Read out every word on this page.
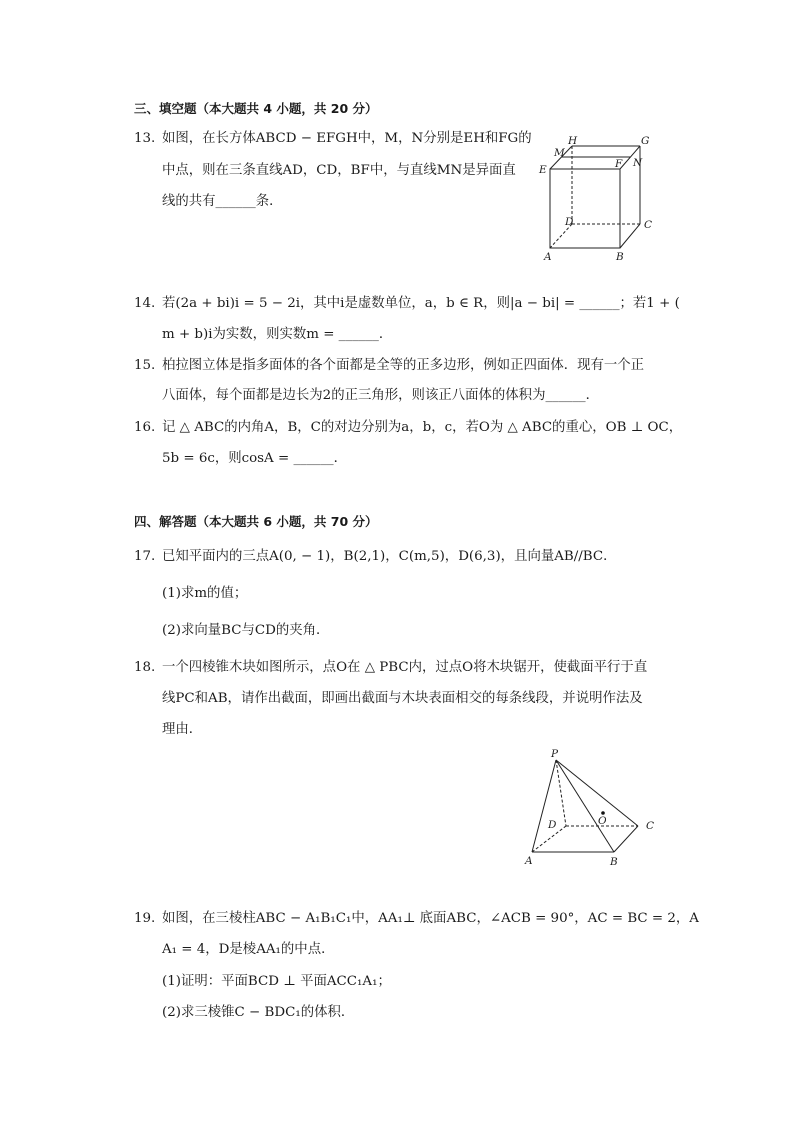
三、填空题（本大题共 4 小题，共 20 分）
13. 如图，在长方体ABCD − EFGH中，M，N分别是EH和FG的
中点，则在三条直线AD，CD，BF中，与直线MN是异面直
线的共有______条．
H	G
M
N
E	F
D	C
A	B
14. 若(2a + bi)i = 5 − 2i，其中i是虚数单位，a，b ∈ R，则|a − bi| = ______；若1 + (
m + b)i为实数，则实数m = ______．
15. 柏拉图立体是指多面体的各个面都是全等的正多边形，例如正四面体．现有一个正
八面体，每个面都是边长为2的正三角形，则该正八面体的体积为______．
16. 记 △ ABC的内角A，B，C的对边分别为a，b，c，若O为 △ ABC的重心，OB ⊥ OC，
5b = 6c，则cosA = ______．
四、解答题（本大题共 6 小题，共 70 分）
17. 已知平面内的三点A(0, − 1)，B(2,1)，C(m,5)，D(6,3)，且向量AB//BC．
(1)求m的值；
(2)求向量BC与CD的夹角．
18. 一个四棱锥木块如图所示，点O在 △ PBC内，过点O将木块锯开，使截面平行于直
线PC和AB，请作出截面，即画出截面与木块表面相交的每条线段，并说明作法及
理由．
P
D	O	C
A	B
19. 如图，在三棱柱ABC − A₁B₁C₁中，AA₁⊥ 底面ABC，∠ACB = 90°，AC = BC = 2，A
A₁ = 4，D是棱AA₁的中点．
(1)证明：平面BCD ⊥ 平面ACC₁A₁；
(2)求三棱锥C − BDC₁的体积．
